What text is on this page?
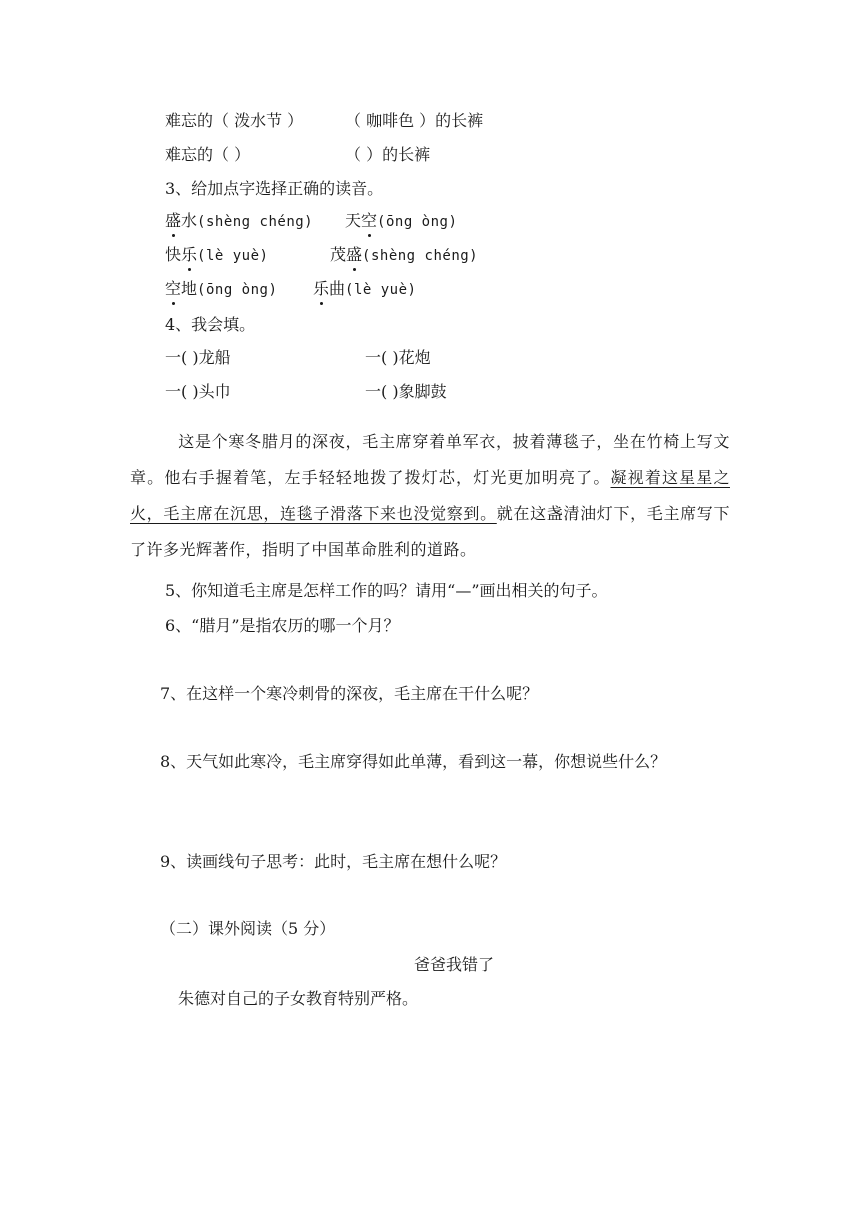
难忘的（ 泼水节 ）	（ 咖啡色 ）的长裤
难忘的（ ）	（ ）的长裤
3、给加点字选择正确的读音。
盛水(shèng chéng) 天空(ōng òng)
快乐(lè yuè)	茂盛(shèng chéng)
空地(ōng òng) 乐曲(lè yuè)
4、我会填。
一( )龙船	一( )花炮
一( )头巾	一( )象脚鼓
这是个寒冬腊月的深夜，毛主席穿着单军衣，披着薄毯子，坐在竹椅上写文章。他右手握着笔，左手轻轻地拨了拨灯芯，灯光更加明亮了。凝视着这星星之火，毛主席在沉思，连毯子滑落下来也没觉察到。就在这盏清油灯下，毛主席写下了许多光辉著作，指明了中国革命胜利的道路。
5、你知道毛主席是怎样工作的吗？请用“—”画出相关的句子。
6、“腊月”是指农历的哪一个月？
7、在这样一个寒冷刺骨的深夜，毛主席在干什么呢？
8、天气如此寒冷，毛主席穿得如此单薄，看到这一幕，你想说些什么？
9、读画线句子思考：此时，毛主席在想什么呢？
（二）课外阅读（5 分）
爸爸我错了
朱德对自己的子女教育特别严格。
